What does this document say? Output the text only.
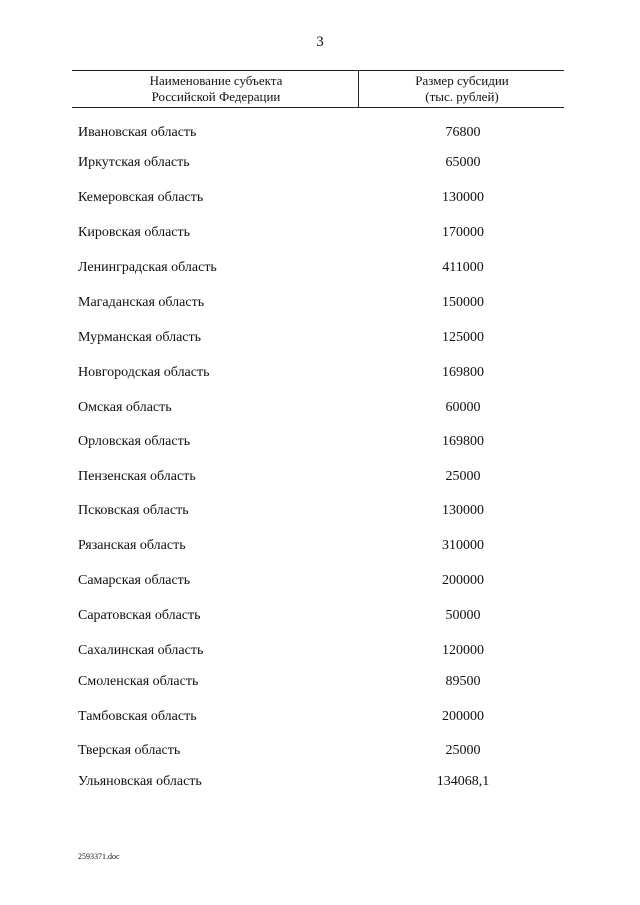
3
Наименование субъекта
Российской Федерации
Размер субсидии
(тыс. рублей)
Ивановская область	76800
Иркутская область	65000
Кемеровская область	130000
Кировская область	170000
Ленинградская область	411000
Магаданская область	150000
Мурманская область	125000
Новгородская область	169800
Омская область	60000
Орловская область	169800
Пензенская область	25000
Псковская область	130000
Рязанская область	310000
Самарская область	200000
Саратовская область	50000
Сахалинская область	120000
Смоленская область	89500
Тамбовская область	200000
Тверская область	25000
Ульяновская область	134068,1
2593371.doc
